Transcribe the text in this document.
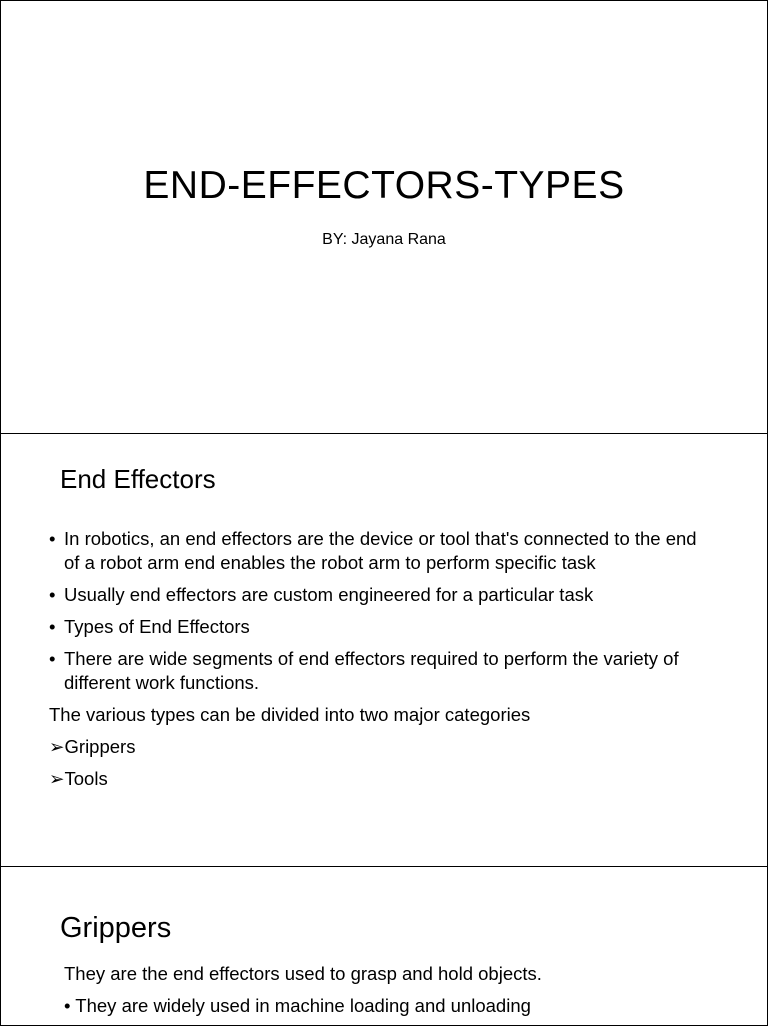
END-EFFECTORS-TYPES
BY: Jayana Rana
End Effectors
• In robotics, an end effectors are the device or tool that's connected to the end of a robot arm end enables the robot arm to perform specific task
• Usually end effectors are custom engineered for a particular task
• Types of End Effectors
• There are wide segments of end effectors required to perform the variety of different work functions.
The various types can be divided into two major categories
➢Grippers
➢Tools
Grippers
They are the end effectors used to grasp and hold objects.
• They are widely used in machine loading and unloading
